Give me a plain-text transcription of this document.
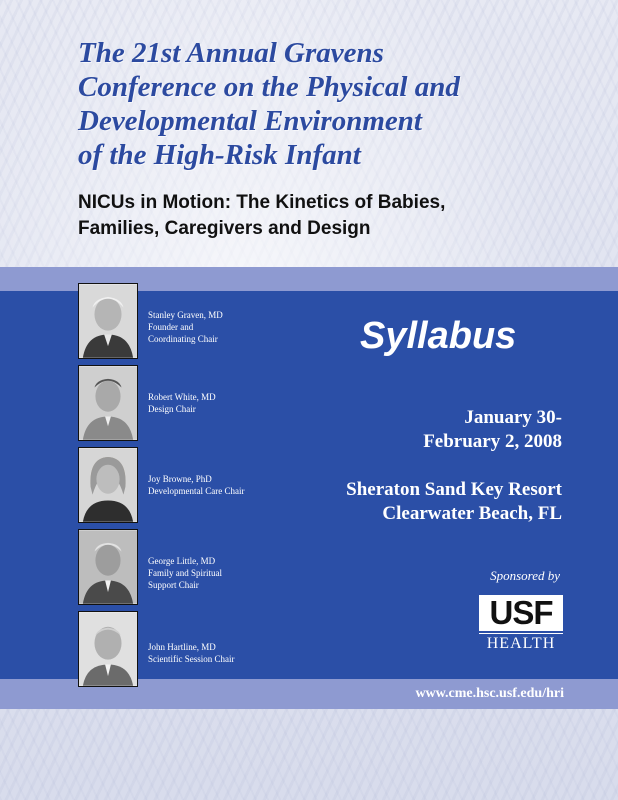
The 21st Annual Gravens
Conference on the Physical and
Developmental Environment
of the High-Risk Infant
NICUs in Motion: The Kinetics of Babies,
Families, Caregivers and Design
Stanley Graven, MD
Founder and
Coordinating Chair
Robert White, MD
Design Chair
Joy Browne, PhD
Developmental Care Chair
George Little, MD
Family and Spiritual
Support Chair
John Hartline, MD
Scientific Session Chair
Syllabus
January 30-
February 2, 2008
Sheraton Sand Key Resort
Clearwater Beach, FL
Sponsored by
USF
HEALTH
www.cme.hsc.usf.edu/hri
